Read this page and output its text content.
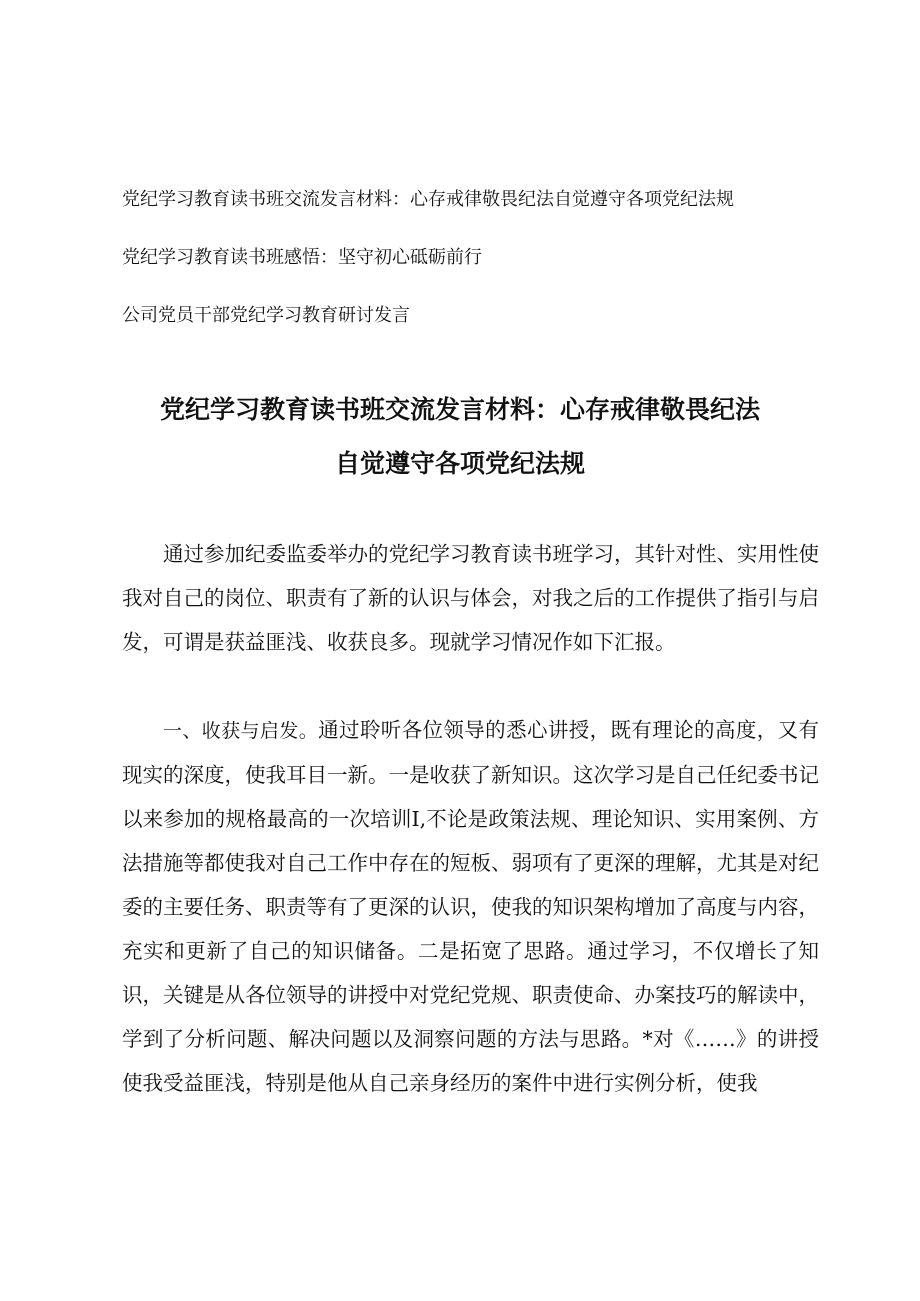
党纪学习教育读书班交流发言材料：心存戒律敬畏纪法自觉遵守各项党纪法规

党纪学习教育读书班感悟：坚守初心砥砺前行

公司党员干部党纪学习教育研讨发言

党纪学习教育读书班交流发言材料：心存戒律敬畏纪法
自觉遵守各项党纪法规

通过参加纪委监委举办的党纪学习教育读书班学习，其针对性、实用性使我对自己的岗位、职责有了新的认识与体会，对我之后的工作提供了指引与启发，可谓是获益匪浅、收获良多。现就学习情况作如下汇报。

一、收获与启发。通过聆听各位领导的悉心讲授，既有理论的高度，又有现实的深度，使我耳目一新。一是收获了新知识。这次学习是自己任纪委书记以来参加的规格最高的一次培训I,不论是政策法规、理论知识、实用案例、方法措施等都使我对自己工作中存在的短板、弱项有了更深的理解，尤其是对纪委的主要任务、职责等有了更深的认识，使我的知识架构增加了高度与内容，充实和更新了自己的知识储备。二是拓宽了思路。通过学习，不仅增长了知识，关键是从各位领导的讲授中对党纪党规、职责使命、办案技巧的解读中，学到了分析问题、解决问题以及洞察问题的方法与思路。*对《……》的讲授使我受益匪浅，特别是他从自己亲身经历的案件中进行实例分析，使我
